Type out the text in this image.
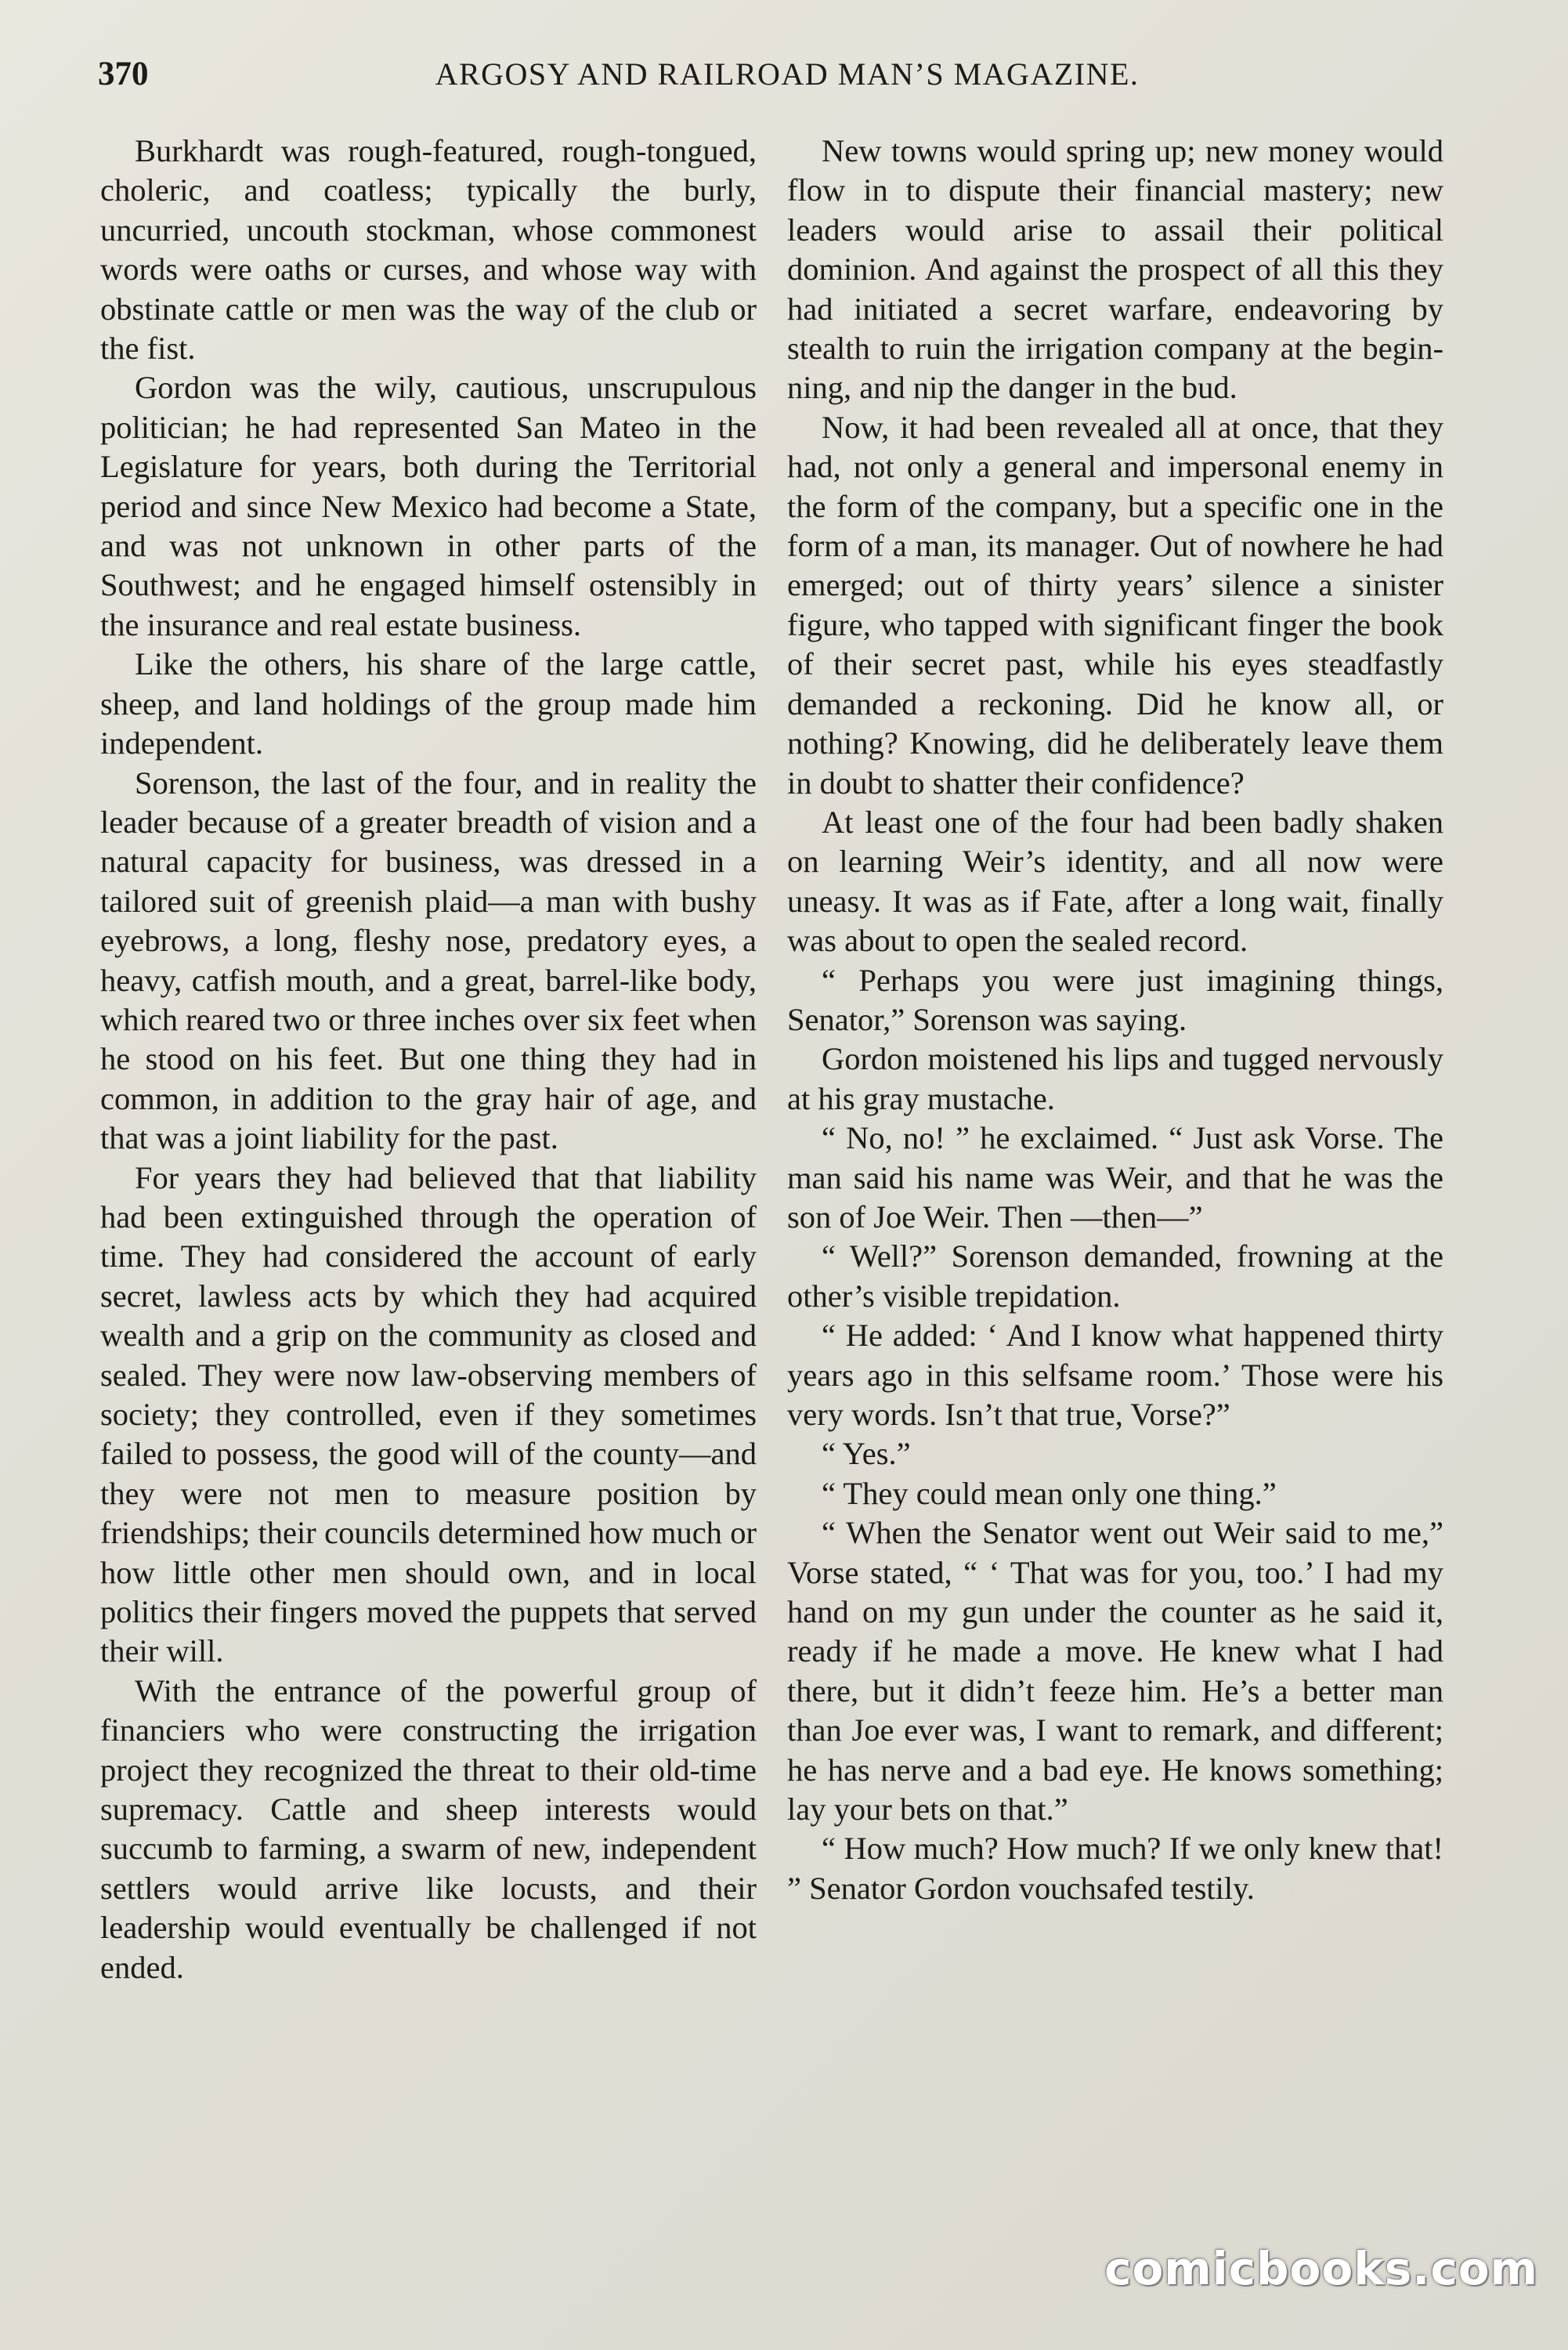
370	ARGOSY AND RAILROAD MAN’S MAGAZINE.

Burkhardt was rough-featured, rough-tongued, choleric, and coatless; typically the burly, uncurried, uncouth stockman, whose commonest words were oaths or curses, and whose way with obstinate cattle or men was the way of the club or the fist.

Gordon was the wily, cautious, unscrupulous politician; he had represented San Mateo in the Legislature for years, both during the Territorial period and since New Mexico had become a State, and was not unknown in other parts of the Southwest; and he engaged himself ostensibly in the insurance and real estate business.

Like the others, his share of the large cattle, sheep, and land holdings of the group made him independent.

Sorenson, the last of the four, and in reality the leader because of a greater breadth of vision and a natural capacity for business, was dressed in a tailored suit of greenish plaid—a man with bushy eyebrows, a long, fleshy nose, predatory eyes, a heavy, catfish mouth, and a great, barrel-like body, which reared two or three inches over six feet when he stood on his feet. But one thing they had in common, in addition to the gray hair of age, and that was a joint liability for the past.

For years they had believed that that liability had been extinguished through the operation of time. They had considered the account of early secret, lawless acts by which they had acquired wealth and a grip on the community as closed and sealed. They were now law-observing members of society; they controlled, even if they sometimes failed to possess, the good will of the county—and they were not men to measure position by friendships; their councils determined how much or how little other men should own, and in local politics their fingers moved the puppets that served their will.

With the entrance of the powerful group of financiers who were constructing the irrigation project they recognized the threat to their old-time supremacy. Cattle and sheep interests would succumb to farming, a swarm of new, independent settlers would arrive like locusts, and their leadership would eventually be challenged if not ended.

New towns would spring up; new money would flow in to dispute their financial mastery; new leaders would arise to assail their political dominion. And against the prospect of all this they had initiated a secret warfare, endeavoring by stealth to ruin the irrigation company at the beginning, and nip the danger in the bud.

Now, it had been revealed all at once, that they had, not only a general and impersonal enemy in the form of the company, but a specific one in the form of a man, its manager. Out of nowhere he had emerged; out of thirty years’ silence a sinister figure, who tapped with significant finger the book of their secret past, while his eyes steadfastly demanded a reckoning. Did he know all, or nothing? Knowing, did he deliberately leave them in doubt to shatter their confidence?

At least one of the four had been badly shaken on learning Weir’s identity, and all now were uneasy. It was as if Fate, after a long wait, finally was about to open the sealed record.

“ Perhaps you were just imagining things, Senator,” Sorenson was saying.

Gordon moistened his lips and tugged nervously at his gray mustache.

“ No, no! ” he exclaimed. “ Just ask Vorse. The man said his name was Weir, and that he was the son of Joe Weir. Then —then—”

“ Well?” Sorenson demanded, frowning at the other’s visible trepidation.

“ He added: ‘ And I know what happened thirty years ago in this selfsame room.’ Those were his very words. Isn’t that true, Vorse?”

“ Yes.”

“ They could mean only one thing.”

“ When the Senator went out Weir said to me,” Vorse stated, “ ‘ That was for you, too.’ I had my hand on my gun under the counter as he said it, ready if he made a move. He knew what I had there, but it didn’t feeze him. He’s a better man than Joe ever was, I want to remark, and different; he has nerve and a bad eye. He knows something; lay your bets on that.”

“ How much? How much? If we only knew that! ” Senator Gordon vouchsafed testily.

comicbooks.com
